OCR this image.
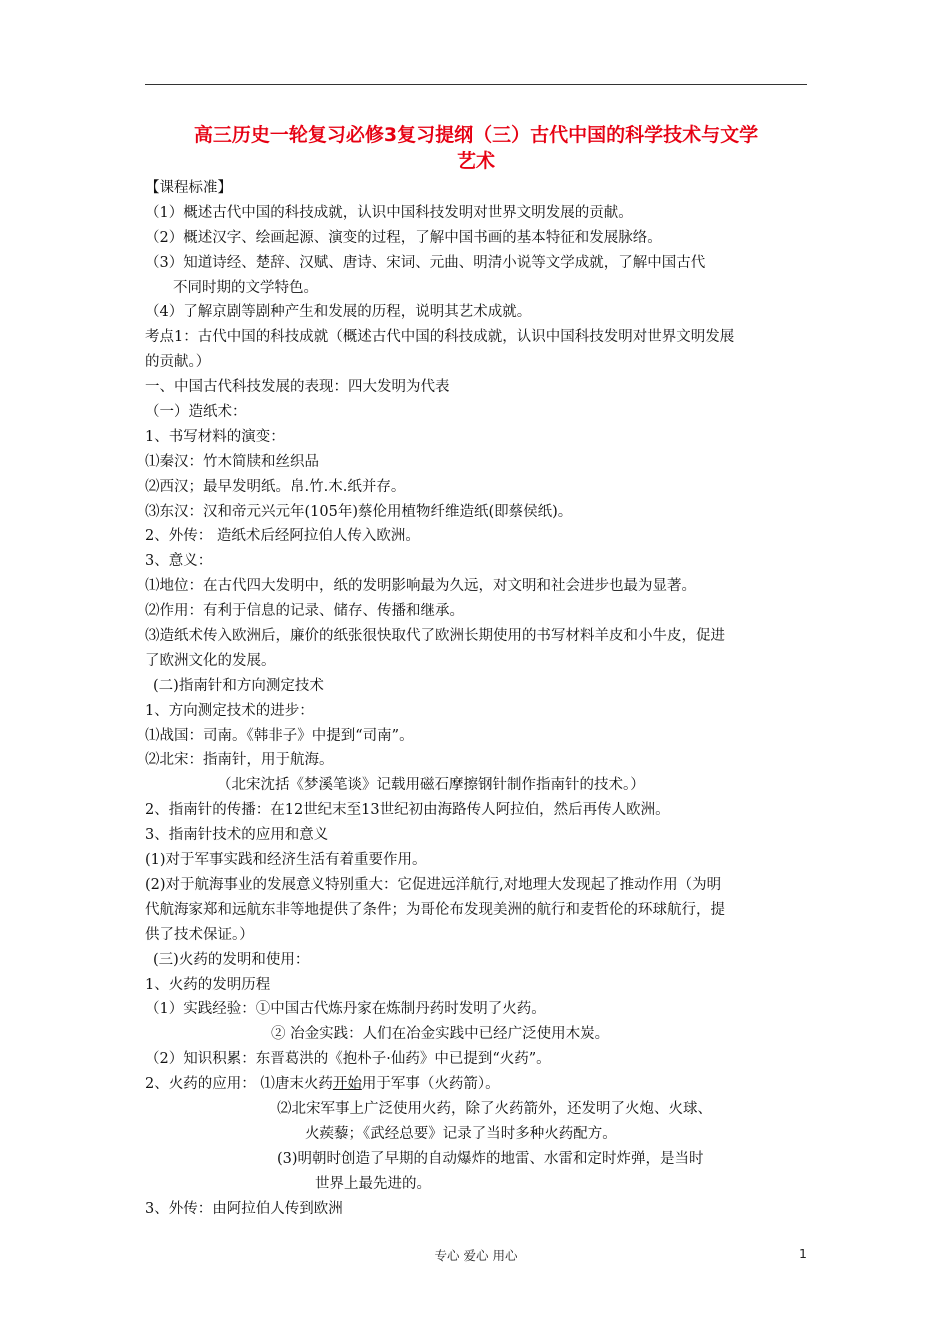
高三历史一轮复习必修3复习提纲（三）古代中国的科学技术与文学
艺术
【课程标准】
（1）概述古代中国的科技成就，认识中国科技发明对世界文明发展的贡献。
（2）概述汉字、绘画起源、演变的过程，了解中国书画的基本特征和发展脉络。
（3）知道诗经、楚辞、汉赋、唐诗、宋词、元曲、明清小说等文学成就，了解中国古代
不同时期的文学特色。
（4）了解京剧等剧种产生和发展的历程，说明其艺术成就。
考点1：古代中国的科技成就（概述古代中国的科技成就，认识中国科技发明对世界文明发展
的贡献。）
一、中国古代科技发展的表现：四大发明为代表
（一）造纸术：
1、书写材料的演变：
⑴秦汉：竹木简牍和丝织品
⑵西汉；最早发明纸。帛.竹.木.纸并存。
⑶东汉：汉和帝元兴元年(105年)蔡伦用植物纤维造纸(即蔡侯纸)。
2、外传： 造纸术后经阿拉伯人传入欧洲。
3、意义：
⑴地位：在古代四大发明中，纸的发明影响最为久远，对文明和社会进步也最为显著。
⑵作用：有利于信息的记录、储存、传播和继承。
⑶造纸术传入欧洲后，廉价的纸张很快取代了欧洲长期使用的书写材料羊皮和小牛皮，促进
了欧洲文化的发展。
(二)指南针和方向测定技术
1、方向测定技术的进步：
⑴战国：司南。《韩非子》中提到“司南”。
⑵北宋：指南针，用于航海。
（北宋沈括《梦溪笔谈》记载用磁石摩擦钢针制作指南针的技术。）
2、指南针的传播：在12世纪末至13世纪初由海路传人阿拉伯，然后再传人欧洲。
3、指南针技术的应用和意义
(1)对于军事实践和经济生活有着重要作用。
(2)对于航海事业的发展意义特别重大：它促进远洋航行,对地理大发现起了推动作用（为明
代航海家郑和远航东非等地提供了条件；为哥伦布发现美洲的航行和麦哲伦的环球航行，提
供了技术保证。）
(三)火药的发明和使用：
1、火药的发明历程
（1）实践经验：①中国古代炼丹家在炼制丹药时发明了火药。
② 冶金实践：人们在冶金实践中已经广泛使用木炭。
（2）知识积累：东晋葛洪的《抱朴子·仙药》中已提到“火药”。
2、火药的应用： ⑴唐末火药开始用于军事（火药箭）。
⑵北宋军事上广泛使用火药，除了火药箭外，还发明了火炮、火球、
火蒺藜；《武经总要》记录了当时多种火药配方。
(3)明朝时创造了早期的自动爆炸的地雷、水雷和定时炸弹，是当时
世界上最先进的。
3、外传：由阿拉伯人传到欧洲
专心 爱心 用心	1
